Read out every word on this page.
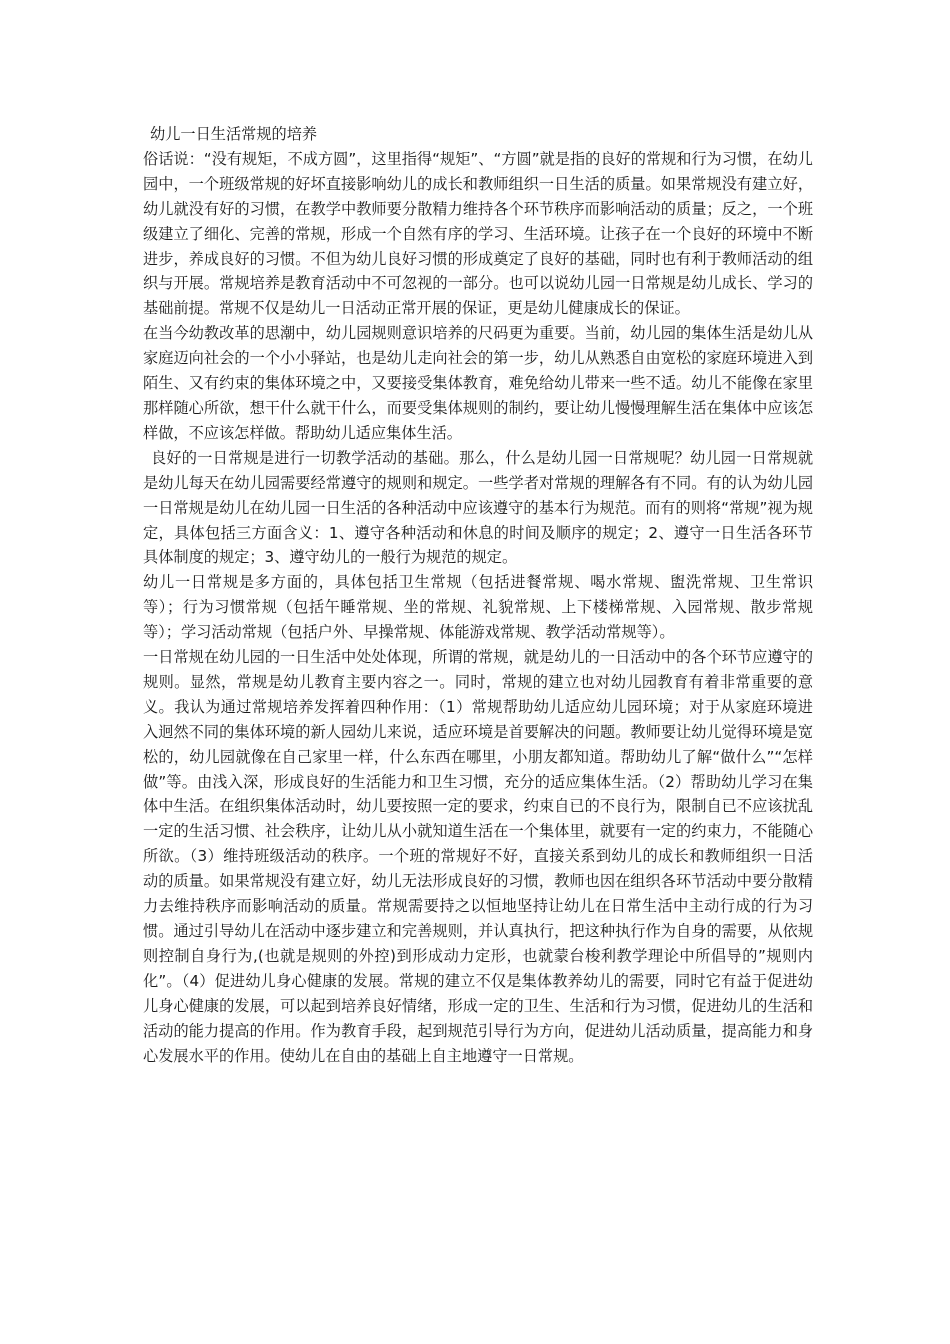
幼儿一日生活常规的培养

俗话说：“没有规矩，不成方圆”，这里指得“规矩”、“方圆”就是指的良好的常规和行为习惯，在幼儿园中，一个班级常规的好坏直接影响幼儿的成长和教师组织一日生活的质量。如果常规没有建立好，幼儿就没有好的习惯，在教学中教师要分散精力维持各个环节秩序而影响活动的质量；反之，一个班级建立了细化、完善的常规，形成一个自然有序的学习、生活环境。让孩子在一个良好的环境中不断进步，养成良好的习惯。不但为幼儿良好习惯的形成奠定了良好的基础，同时也有利于教师活动的组织与开展。常规培养是教育活动中不可忽视的一部分。也可以说幼儿园一日常规是幼儿成长、学习的基础前提。常规不仅是幼儿一日活动正常开展的保证，更是幼儿健康成长的保证。

在当今幼教改革的思潮中，幼儿园规则意识培养的尺码更为重要。当前，幼儿园的集体生活是幼儿从家庭迈向社会的一个小小驿站，也是幼儿走向社会的第一步，幼儿从熟悉自由宽松的家庭环境进入到陌生、又有约束的集体环境之中，又要接受集体教育，难免给幼儿带来一些不适。幼儿不能像在家里那样随心所欲，想干什么就干什么，而要受集体规则的制约，要让幼儿慢慢理解生活在集体中应该怎样做，不应该怎样做。帮助幼儿适应集体生活。

良好的一日常规是进行一切教学活动的基础。那么，什么是幼儿园一日常规呢？幼儿园一日常规就是幼儿每天在幼儿园需要经常遵守的规则和规定。一些学者对常规的理解各有不同。有的认为幼儿园一日常规是幼儿在幼儿园一日生活的各种活动中应该遵守的基本行为规范。而有的则将“常规”视为规定，具体包括三方面含义：1、遵守各种活动和休息的时间及顺序的规定；2、遵守一日生活各环节具体制度的规定；3、遵守幼儿的一般行为规范的规定。

幼儿一日常规是多方面的，具体包括卫生常规（包括进餐常规、喝水常规、盥洗常规、卫生常识等）；行为习惯常规（包括午睡常规、坐的常规、礼貌常规、上下楼梯常规、入园常规、散步常规等）；学习活动常规（包括户外、早操常规、体能游戏常规、教学活动常规等）。

一日常规在幼儿园的一日生活中处处体现，所谓的常规，就是幼儿的一日活动中的各个环节应遵守的规则。显然，常规是幼儿教育主要内容之一。同时，常规的建立也对幼儿园教育有着非常重要的意义。我认为通过常规培养发挥着四种作用：（1）常规帮助幼儿适应幼儿园环境；对于从家庭环境进入迥然不同的集体环境的新人园幼儿来说，适应环境是首要解决的问题。教师要让幼儿觉得环境是宽松的，幼儿园就像在自己家里一样，什么东西在哪里，小朋友都知道。帮助幼儿了解“做什么”“怎样做”等。由浅入深，形成良好的生活能力和卫生习惯，充分的适应集体生活。（2）帮助幼儿学习在集体中生活。在组织集体活动时，幼儿要按照一定的要求，约束自已的不良行为，限制自已不应该扰乱一定的生活习惯、社会秩序，让幼儿从小就知道生活在一个集体里，就要有一定的约束力，不能随心所欲。（3）维持班级活动的秩序。一个班的常规好不好，直接关系到幼儿的成长和教师组织一日活动的质量。如果常规没有建立好，幼儿无法形成良好的习惯，教师也因在组织各环节活动中要分散精力去维持秩序而影响活动的质量。常规需要持之以恒地坚持让幼儿在日常生活中主动行成的行为习惯。通过引导幼儿在活动中逐步建立和完善规则，并认真执行，把这种执行作为自身的需要，从依规则控制自身行为,(也就是规则的外控)到形成动力定形，也就蒙台梭利教学理论中所倡导的”规则内化”。（4）促进幼儿身心健康的发展。常规的建立不仅是集体教养幼儿的需要，同时它有益于促进幼儿身心健康的发展，可以起到培养良好情绪，形成一定的卫生、生活和行为习惯，促进幼儿的生活和活动的能力提高的作用。作为教育手段，起到规范引导行为方向，促进幼儿活动质量，提高能力和身心发展水平的作用。使幼儿在自由的基础上自主地遵守一日常规。
